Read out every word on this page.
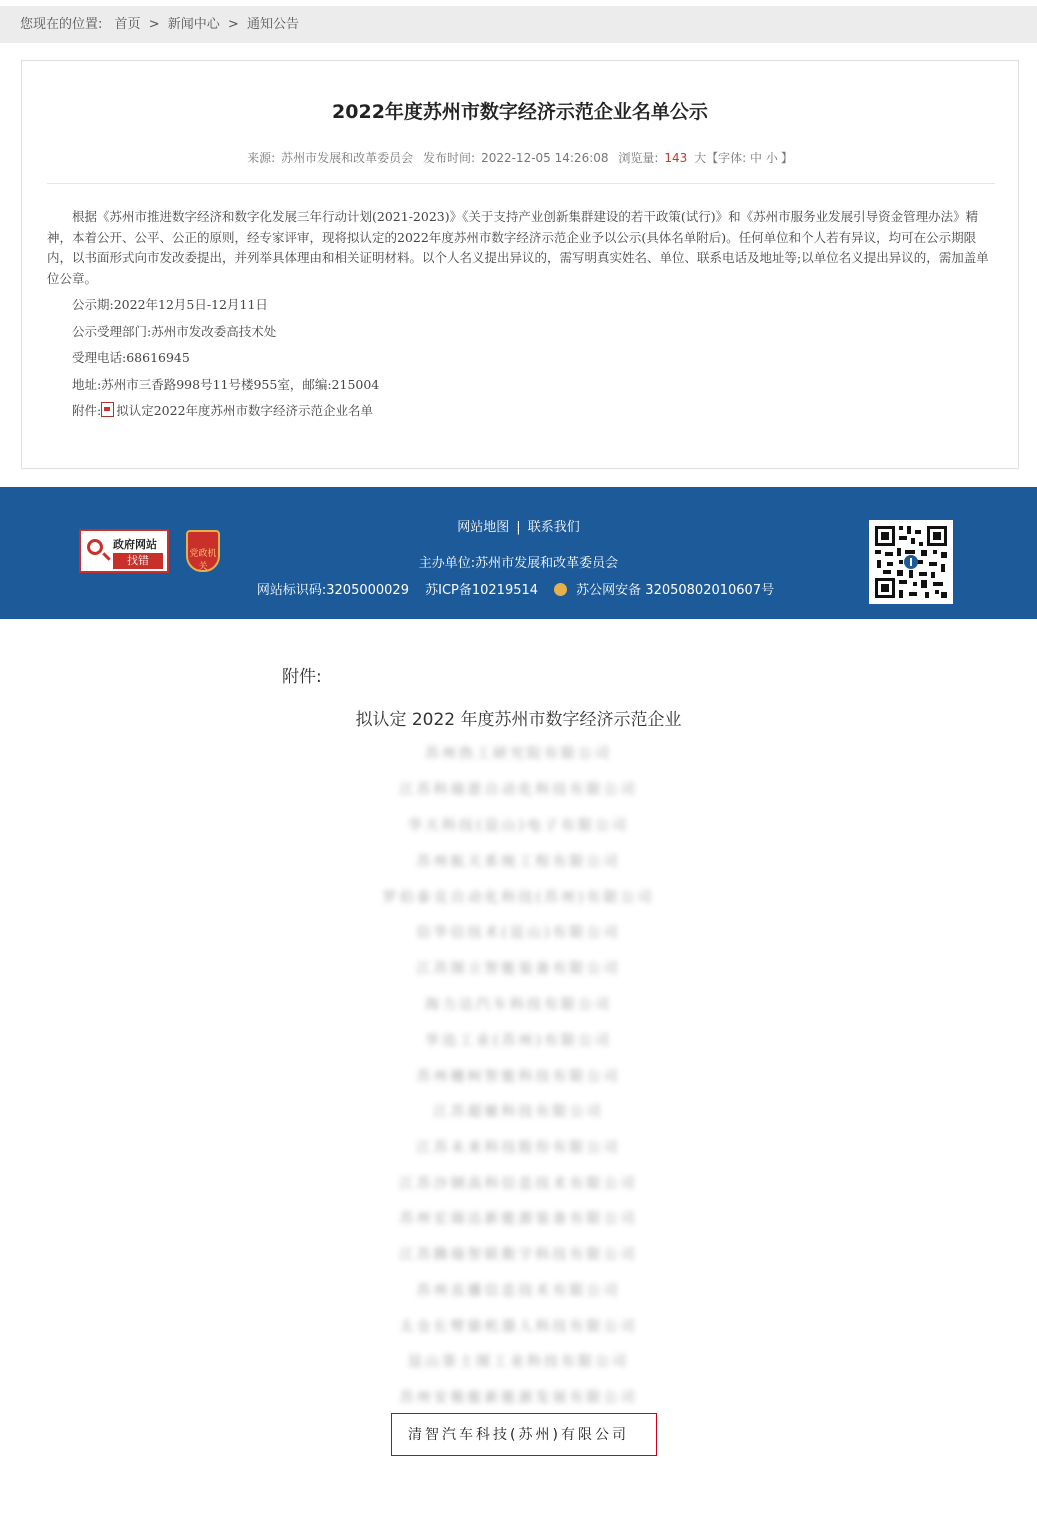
您现在的位置: 首页 > 新闻中心 > 通知公告
2022年度苏州市数字经济示范企业名单公示
来源: 苏州市发展和改革委员会 发布时间: 2022-12-05 14:26:08 浏览量: 143 大【字体: 中 小 】

根据《苏州市推进数字经济和数字化发展三年行动计划(2021-2023)》《关于支持产业创新集群建设的若干政策(试行)》和《苏州市服务业发展引导资金管理办法》精神，本着公开、公平、公正的原则，经专家评审，现将拟认定的2022年度苏州市数字经济示范企业予以公示(具体名单附后)。任何单位和个人若有异议，均可在公示期限内，以书面形式向市发改委提出，并列举具体理由和相关证明材料。以个人名义提出异议的，需写明真实姓名、单位、联系电话及地址等;以单位名义提出异议的，需加盖单位公章。

公示期:2022年12月5日-12月11日
公示受理部门:苏州市发改委高技术处
受理电话:68616945
地址:苏州市三香路998号11号楼955室，邮编:215004
附件: 拟认定2022年度苏州市数字经济示范企业名单
政府网站
找错	党政机关
网站地图 | 联系我们
主办单位:苏州市发展和改革委员会
网站标识码:3205000029 苏ICP备10219514	苏公网安备 32050802010607号
附件:
拟认定 2022 年度苏州市数字经济示范企业
苏州热工研究院有限公司
江苏科瑞恩自动化科技有限公司
华天科技(昆山)电子有限公司
苏州航天系统工程有限公司
罗伯泰克自动化科技(苏州)有限公司
信华信技术(昆山)有限公司
江苏图立智能装备有限公司
海力达汽车科技有限公司
华迅工业(苏州)有限公司
苏州穗柯智能科技有限公司
江苏超敏科技有限公司
江苏未来科技股份有限公司
江苏沙钢高科信息技术有限公司
苏州宏瑞达新能源装备有限公司
江苏腾瑞智联数字科技有限公司
苏州直播信息技术有限公司
太仓长臂猿机器人科技有限公司
昆山第士图工业科技有限公司
苏州安极能新能源发展有限公司
清智汽车科技(苏州)有限公司
